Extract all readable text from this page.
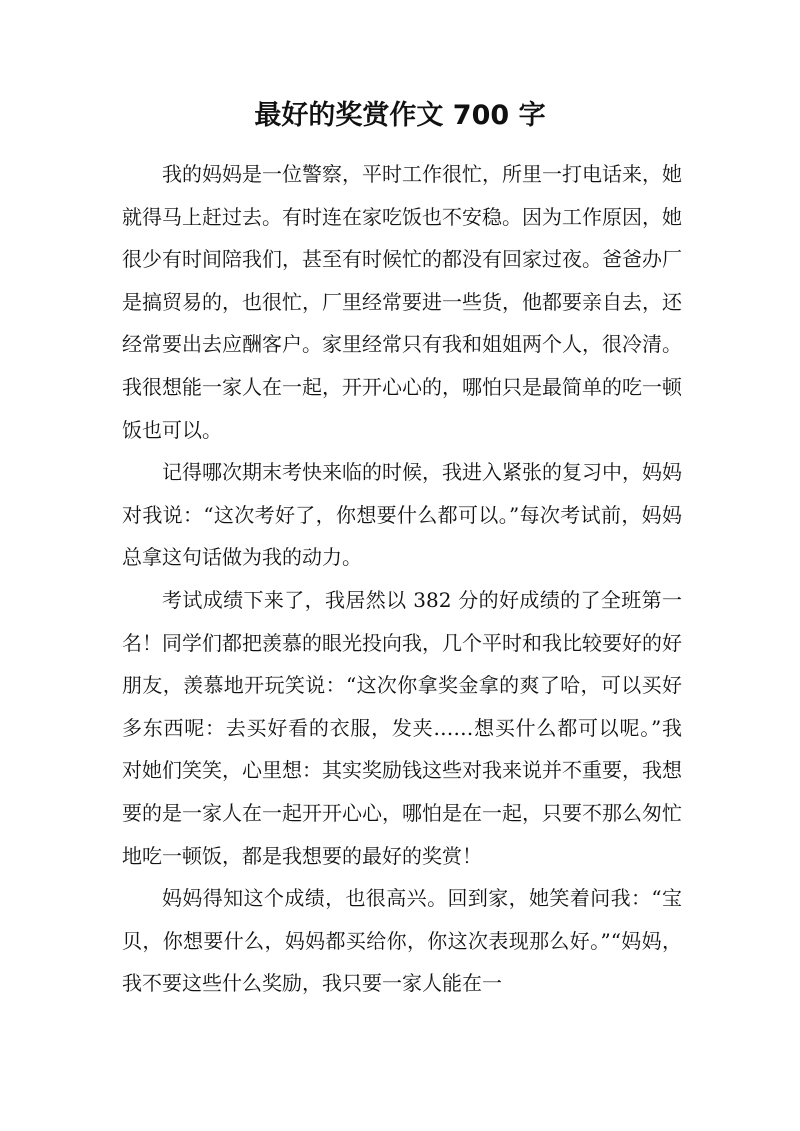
最好的奖赏作文 700 字

我的妈妈是一位警察，平时工作很忙，所里一打电话来，她就得马上赶过去。有时连在家吃饭也不安稳。因为工作原因，她很少有时间陪我们，甚至有时候忙的都没有回家过夜。爸爸办厂是搞贸易的，也很忙，厂里经常要进一些货，他都要亲自去，还经常要出去应酬客户。家里经常只有我和姐姐两个人，很冷清。我很想能一家人在一起，开开心心的，哪怕只是最简单的吃一顿饭也可以。

记得哪次期末考快来临的时候，我进入紧张的复习中，妈妈对我说：“这次考好了，你想要什么都可以。”每次考试前，妈妈总拿这句话做为我的动力。

考试成绩下来了，我居然以 382 分的好成绩的了全班第一名！同学们都把羡慕的眼光投向我，几个平时和我比较要好的好朋友，羡慕地开玩笑说：“这次你拿奖金拿的爽了哈，可以买好多东西呢：去买好看的衣服，发夹……想买什么都可以呢。”我对她们笑笑，心里想：其实奖励钱这些对我来说并不重要，我想要的是一家人在一起开开心心，哪怕是在一起，只要不那么匆忙地吃一顿饭，都是我想要的最好的奖赏！

妈妈得知这个成绩，也很高兴。回到家，她笑着问我：“宝贝，你想要什么，妈妈都买给你，你这次表现那么好。”“妈妈，我不要这些什么奖励，我只要一家人能在一
